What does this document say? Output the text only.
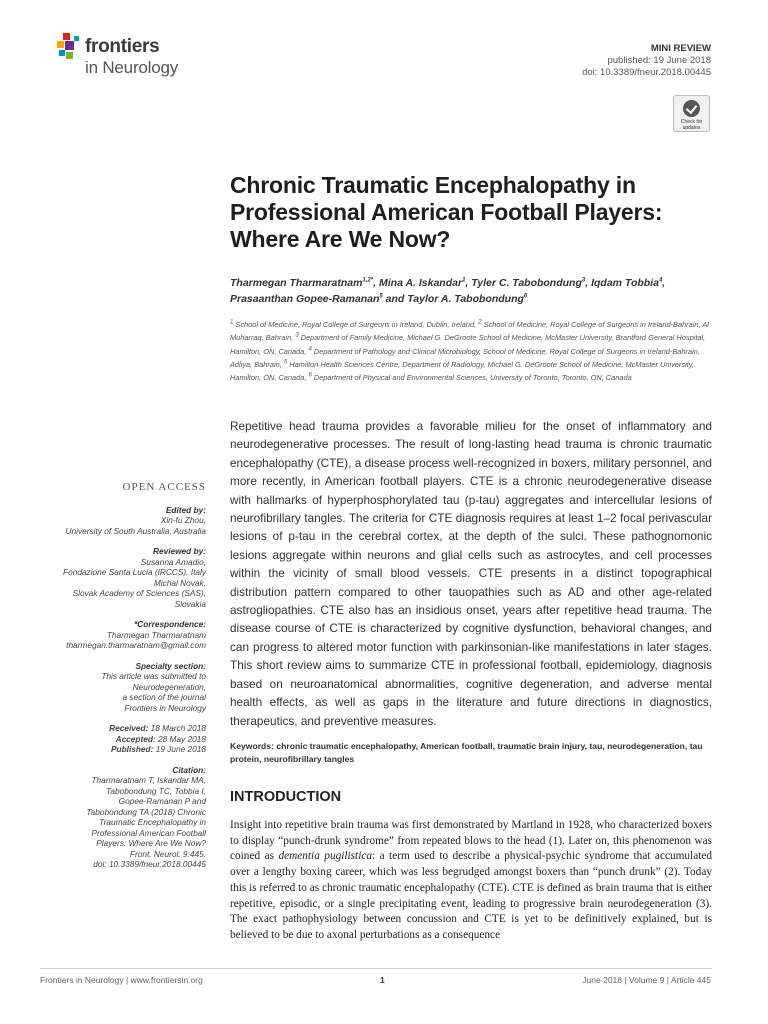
frontiers
in Neurology
MINI REVIEW
published: 19 June 2018
doi: 10.3389/fneur.2018.00445
Check for
updates
Chronic Traumatic Encephalopathy in Professional American Football Players: Where Are We Now?
Tharmegan Tharmaratnam$^{1,2*}$, Mina A. Iskandar$^1$, Tyler C. Tabobondung$^3$, Iqdam Tobbia$^4$,
Prasaanthan Gopee-Ramanan$^5$ and Taylor A. Tabobondung$^6$
$^1$ School of Medicine, Royal College of Surgeons in Ireland, Dublin, Ireland, $^2$ School of Medicine, Royal College of Surgeons in Ireland-Bahrain, Al Muharraq, Bahrain, $^3$ Department of Family Medicine, Michael G. DeGroote School of Medicine, McMaster University, Brantford General Hospital, Hamilton, ON, Canada, $^4$ Department of Pathology and Clinical Microbiology, School of Medicine, Royal College of Surgeons in Ireland-Bahrain, Adliya, Bahrain, $^5$ Hamilton Health Sciences Centre, Department of Radiology, Michael G. DeGroote School of Medicine, McMaster University, Hamilton, ON, Canada, $^6$ Department of Physical and Environmental Sciences, University of Toronto, Toronto, ON, Canada
OPEN ACCESS
Edited by:
Xin-fu Zhou,
University of South Australia, Australia
Reviewed by:
Susanna Amadio,
Fondazione Santa Lucia (IRCCS), Italy
Michal Novak,
Slovak Academy of Sciences (SAS),
Slovakia
*Correspondence:
Tharmegan Tharmaratnam
tharmegan.tharmaratnam@gmail.com
Specialty section:
This article was submitted to
Neurodegeneration,
a section of the journal
Frontiers in Neurology
Received: 18 March 2018
Accepted: 28 May 2018
Published: 19 June 2018
Citation:
Tharmaratnam T, Iskandar MA,
Tabobondung TC, Tobbia I,
Gopee-Ramanan P and
Tabobondung TA (2018) Chronic
Traumatic Encephalopathy in
Professional American Football
Players: Where Are We Now?
Front. Neurol. 9:445.
doi: 10.3389/fneur.2018.00445

Repetitive head trauma provides a favorable milieu for the onset of inflammatory and neurodegenerative processes. The result of long-lasting head trauma is chronic traumatic encephalopathy (CTE), a disease process well-recognized in boxers, military personnel, and more recently, in American football players. CTE is a chronic neurodegenerative disease with hallmarks of hyperphosphorylated tau (p-tau) aggregates and intercellular lesions of neurofibrillary tangles. The criteria for CTE diagnosis requires at least 1–2 focal perivascular lesions of p-tau in the cerebral cortex, at the depth of the sulci. These pathognomonic lesions aggregate within neurons and glial cells such as astrocytes, and cell processes within the vicinity of small blood vessels. CTE presents in a distinct topographical distribution pattern compared to other tauopathies such as AD and other age-related astrogliopathies. CTE also has an insidious onset, years after repetitive head trauma. The disease course of CTE is characterized by cognitive dysfunction, behavioral changes, and can progress to altered motor function with parkinsonian-like manifestations in later stages. This short review aims to summarize CTE in professional football, epidemiology, diagnosis based on neuroanatomical abnormalities, cognitive degeneration, and adverse mental health effects, as well as gaps in the literature and future directions in diagnostics, therapeutics, and preventive measures.

Keywords: chronic traumatic encephalopathy, American football, traumatic brain injury, tau, neurodegeneration, tau protein, neurofibrillary tangles
INTRODUCTION

Insight into repetitive brain trauma was first demonstrated by Martland in 1928, who characterized boxers to display “punch-drunk syndrome” from repeated blows to the head (1). Later on, this phenomenon was coined as dementia pugilistica: a term used to describe a physical-psychic syndrome that accumulated over a lengthy boxing career, which was less begrudged amongst boxers than “punch drunk” (2). Today this is referred to as chronic traumatic encephalopathy (CTE). CTE is defined as brain trauma that is either repetitive, episodic, or a single precipitating event, leading to progressive brain neurodegeneration (3). The exact pathophysiology between concussion and CTE is yet to be definitively explained, but is believed to be due to axonal perturbations as a consequence

Frontiers in Neurology | www.frontiersin.org	1	June 2018 | Volume 9 | Article 445
